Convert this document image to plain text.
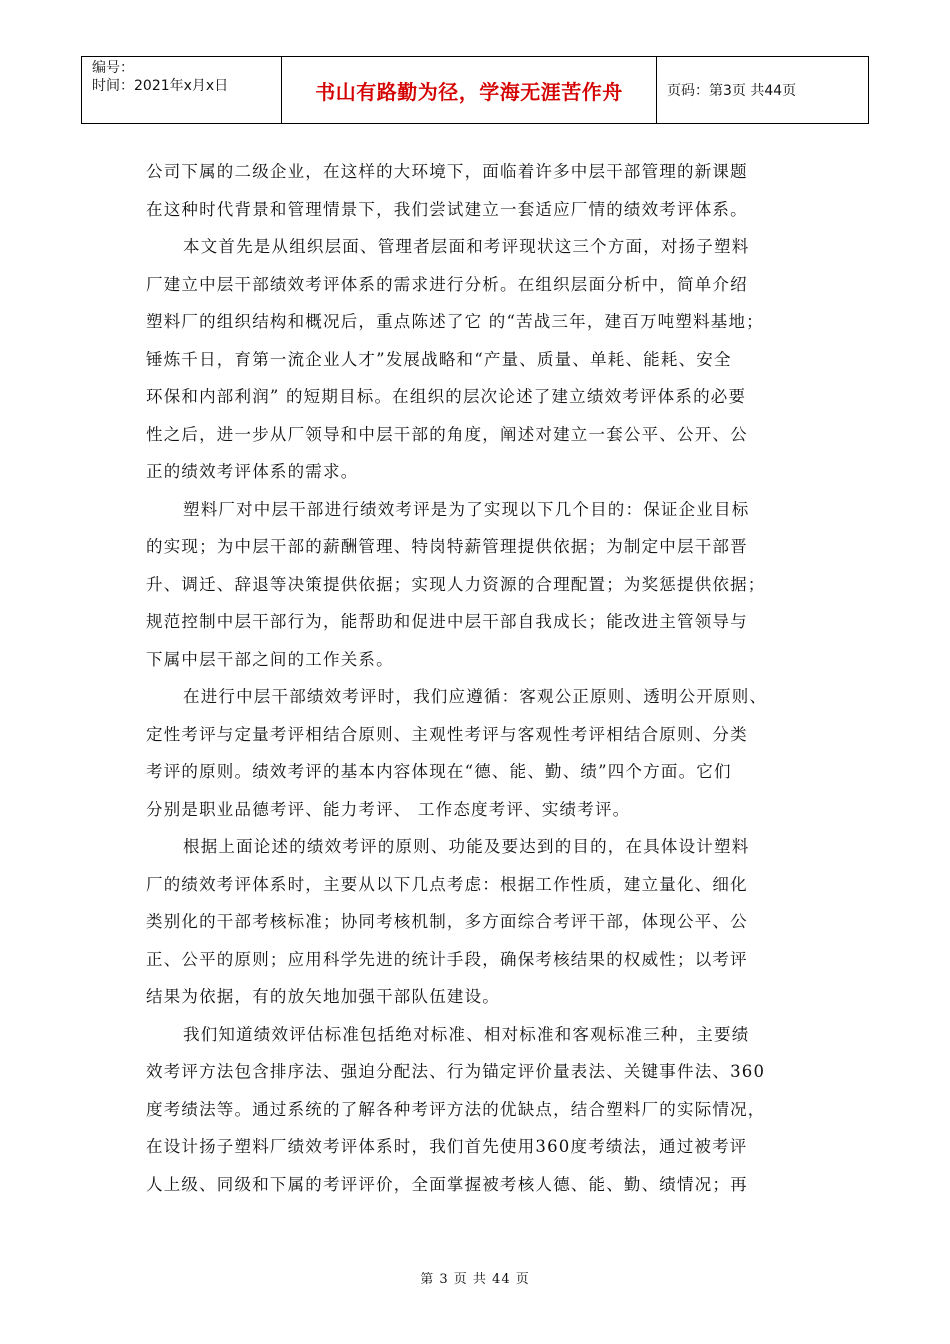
编号：
时间：2021年x月x日	书山有路勤为径，学海无涯苦作舟	页码：第3页 共44页
公司下属的二级企业，在这样的大环境下，面临着许多中层干部管理的新课题
在这种时代背景和管理情景下，我们尝试建立一套适应厂情的绩效考评体系。
本文首先是从组织层面、管理者层面和考评现状这三个方面，对扬子塑料
厂建立中层干部绩效考评体系的需求进行分析。在组织层面分析中，简单介绍
塑料厂的组织结构和概况后，重点陈述了它 的“苦战三年，建百万吨塑料基地；
锤炼千日，育第一流企业人才”发展战略和“产量、质量、单耗、能耗、安全
环保和内部利润” 的短期目标。在组织的层次论述了建立绩效考评体系的必要
性之后，进一步从厂领导和中层干部的角度，阐述对建立一套公平、公开、公
正的绩效考评体系的需求。
塑料厂对中层干部进行绩效考评是为了实现以下几个目的：保证企业目标
的实现；为中层干部的薪酬管理、特岗特薪管理提供依据；为制定中层干部晋
升、调迁、辞退等决策提供依据；实现人力资源的合理配置；为奖惩提供依据；
规范控制中层干部行为，能帮助和促进中层干部自我成长；能改进主管领导与
下属中层干部之间的工作关系。
在进行中层干部绩效考评时，我们应遵循：客观公正原则、透明公开原则、
定性考评与定量考评相结合原则、主观性考评与客观性考评相结合原则、分类
考评的原则。绩效考评的基本内容体现在“德、能、勤、绩”四个方面。它们
分别是职业品德考评、能力考评、 工作态度考评、实绩考评。
根据上面论述的绩效考评的原则、功能及要达到的目的，在具体设计塑料
厂的绩效考评体系时，主要从以下几点考虑：根据工作性质，建立量化、细化
类别化的干部考核标准；协同考核机制，多方面综合考评干部，体现公平、公
正、公平的原则；应用科学先进的统计手段，确保考核结果的权威性；以考评
结果为依据，有的放矢地加强干部队伍建设。
我们知道绩效评估标准包括绝对标准、相对标准和客观标准三种，主要绩
效考评方法包含排序法、强迫分配法、行为锚定评价量表法、关键事件法、360
度考绩法等。通过系统的了解各种考评方法的优缺点，结合塑料厂的实际情况，
在设计扬子塑料厂绩效考评体系时，我们首先使用360度考绩法，通过被考评
人上级、同级和下属的考评评价，全面掌握被考核人德、能、勤、绩情况；再
第 3 页 共 44 页
